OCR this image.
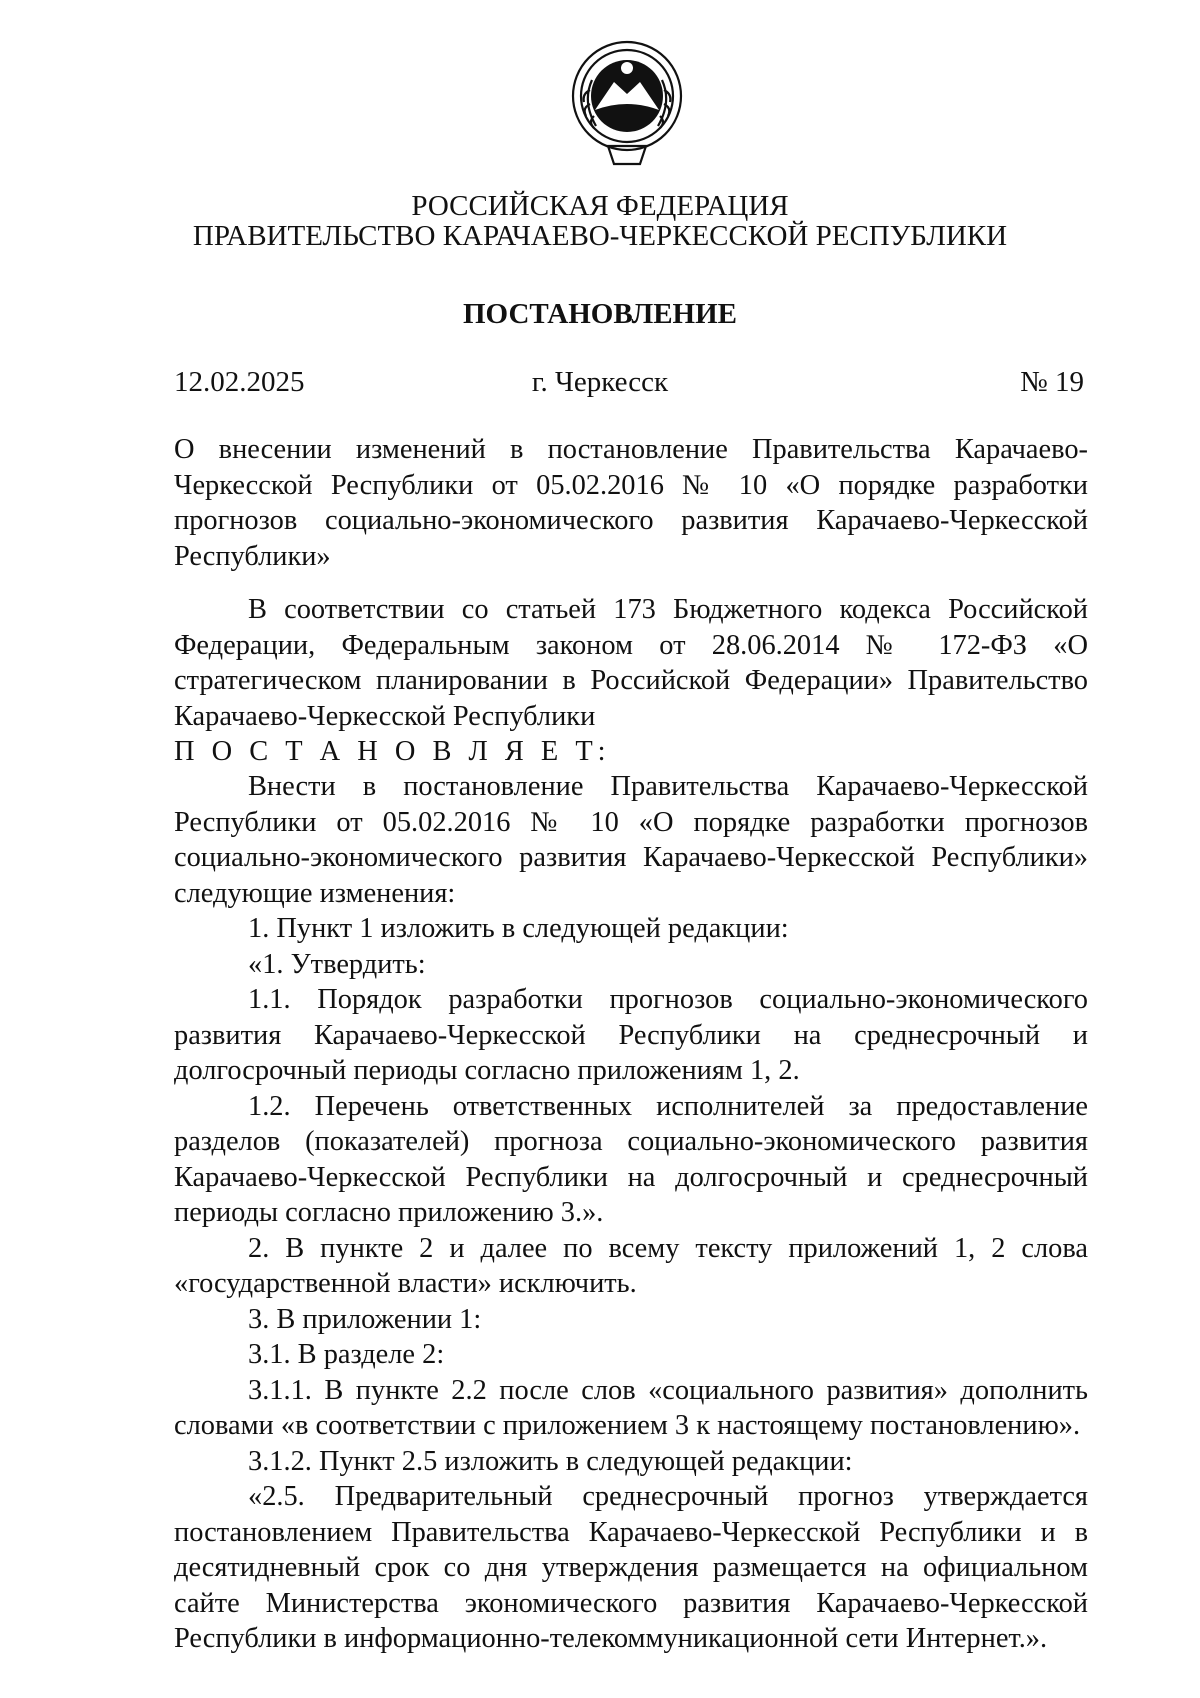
РОССИЙСКАЯ ФЕДЕРАЦИЯ
ПРАВИТЕЛЬСТВО КАРАЧАЕВО-ЧЕРКЕССКОЙ РЕСПУБЛИКИ
ПОСТАНОВЛЕНИЕ
12.02.2025	г. Черкесск	№ 19

О внесении изменений в постановление Правительства Карачаево-Черкесской Республики от 05.02.2016 № 10 «О порядке разработки прогнозов социально-экономического развития Карачаево-Черкесской Республики»

В соответствии со статьей 173 Бюджетного кодекса Российской Федерации, Федеральным законом от 28.06.2014 № 172-ФЗ «О стратегическом планировании в Российской Федерации» Правительство Карачаево-Черкесской Республики

П О С Т А Н О В Л Я Е Т:

Внести в постановление Правительства Карачаево-Черкесской Республики от 05.02.2016 № 10 «О порядке разработки прогнозов социально-экономического развития Карачаево-Черкесской Республики» следующие изменения:

1. Пункт 1 изложить в следующей редакции:

«1. Утвердить:

1.1. Порядок разработки прогнозов социально-экономического развития Карачаево-Черкесской Республики на среднесрочный и долгосрочный периоды согласно приложениям 1, 2.

1.2. Перечень ответственных исполнителей за предоставление разделов (показателей) прогноза социально-экономического развития Карачаево-Черкесской Республики на долгосрочный и среднесрочный периоды согласно приложению 3.».

2. В пункте 2 и далее по всему тексту приложений 1, 2 слова «государственной власти» исключить.

3. В приложении 1:

3.1. В разделе 2:

3.1.1. В пункте 2.2 после слов «социального развития» дополнить словами «в соответствии с приложением 3 к настоящему постановлению».

3.1.2. Пункт 2.5 изложить в следующей редакции:

«2.5. Предварительный среднесрочный прогноз утверждается постановлением Правительства Карачаево-Черкесской Республики и в десятидневный срок со дня утверждения размещается на официальном сайте Министерства экономического развития Карачаево-Черкесской Республики в информационно-телекоммуникационной сети Интернет.».
